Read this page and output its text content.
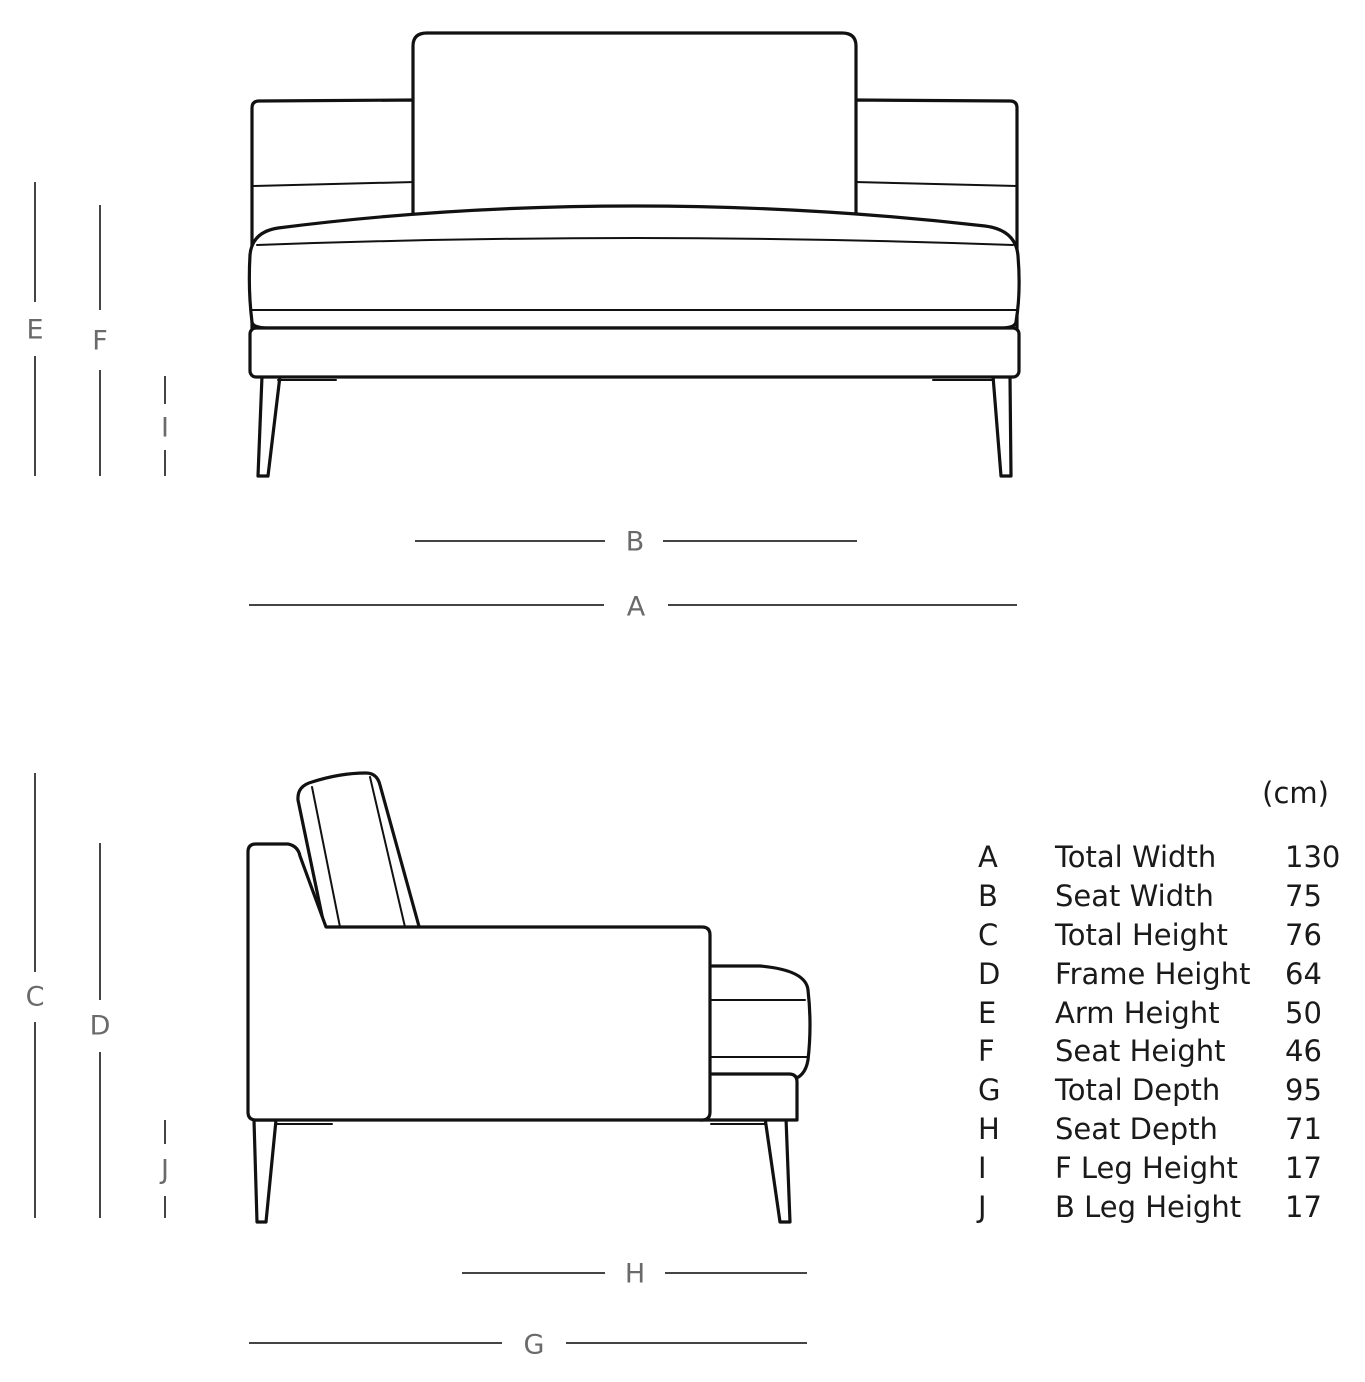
E F
I
B
A
C
D
J
H
G
(cm)
A Total Width 130
B Seat Width 75
C Total Height 76
D Frame Height 64
E Arm Height 50
F Seat Height 46
G Total Depth 95
H Seat Depth 71
I F Leg Height 17
J B Leg Height 17
